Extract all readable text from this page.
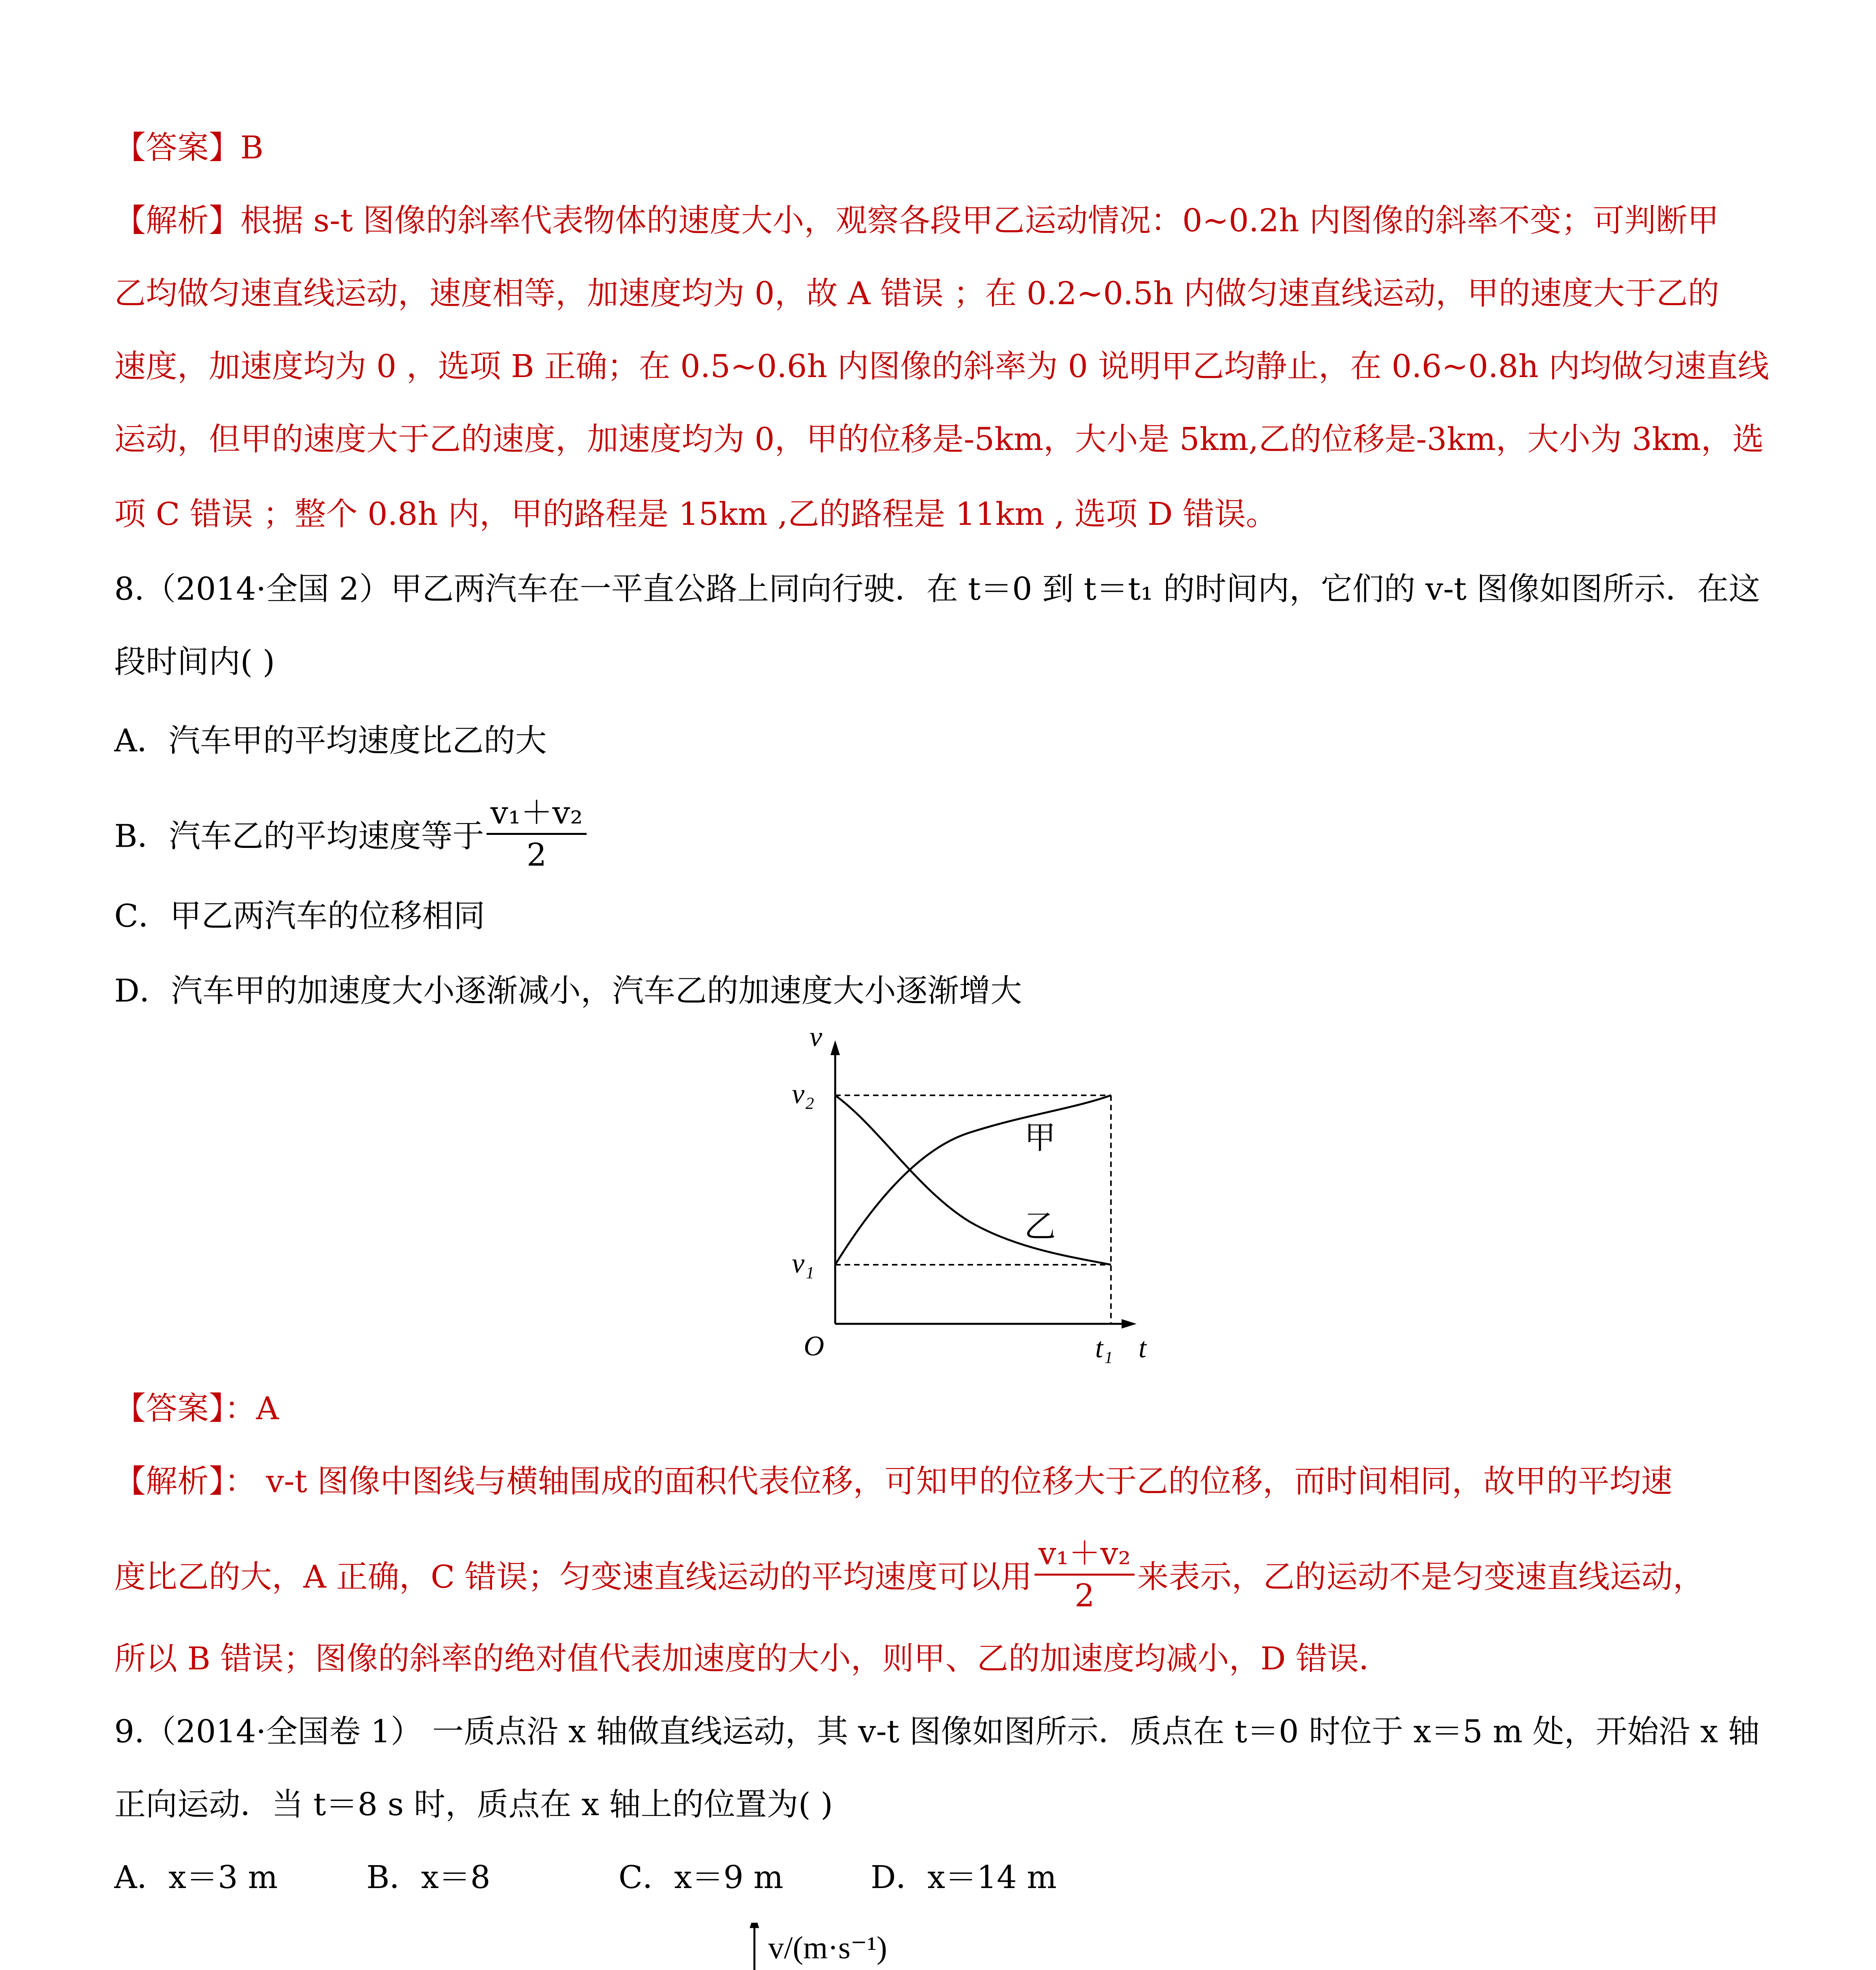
【答案】B
【解析】根据 s-t 图像的斜率代表物体的速度大小，观察各段甲乙运动情况：0~0.2h 内图像的斜率不变；可判断甲
乙均做匀速直线运动，速度相等，加速度均为 0，故 A 错误 ；在 0.2~0.5h 内做匀速直线运动，甲的速度大于乙的
速度，加速度均为 0 ，选项 B 正确；在 0.5~0.6h 内图像的斜率为 0 说明甲乙均静止，在 0.6~0.8h 内均做匀速直线
运动，但甲的速度大于乙的速度，加速度均为 0，甲的位移是-5km，大小是 5km,乙的位移是-3km，大小为 3km，选
项 C 错误 ；整个 0.8h 内，甲的路程是 15km ,乙的路程是 11km , 选项 D 错误。
8.（2014·全国 2）甲乙两汽车在一平直公路上同向行驶．在 t＝0 到 t＝t₁ 的时间内，它们的 v-t 图像如图所示．在这
段时间内( )
A．汽车甲的平均速度比乙的大
B．汽车乙的平均速度等于 $\frac{\text{v₁＋v₂}}{2}$
C．甲乙两汽车的位移相同
D．汽车甲的加速度大小逐渐减小，汽车乙的加速度大小逐渐增大
v
v₂
v₁
O	t₁ t
甲
乙
【答案】：A
【解析】： v-t 图像中图线与横轴围成的面积代表位移，可知甲的位移大于乙的位移，而时间相同，故甲的平均速
度比乙的大，A 正确，C 错误；匀变速直线运动的平均速度可以用 $\frac{\text{v₁＋v₂}}{2}$ 来表示，乙的运动不是匀变速直线运动，
所以 B 错误；图像的斜率的绝对值代表加速度的大小，则甲、乙的加速度均减小，D 错误．
9.（2014·全国卷 1） 一质点沿 x 轴做直线运动，其 v-t 图像如图所示．质点在 t＝0 时位于 x＝5 m 处，开始沿 x 轴
正向运动．当 t＝8 s 时，质点在 x 轴上的位置为( )
A．x＝3 m	B．x＝8	C．x＝9 m	D．x＝14 m
v/(m·s⁻¹)
